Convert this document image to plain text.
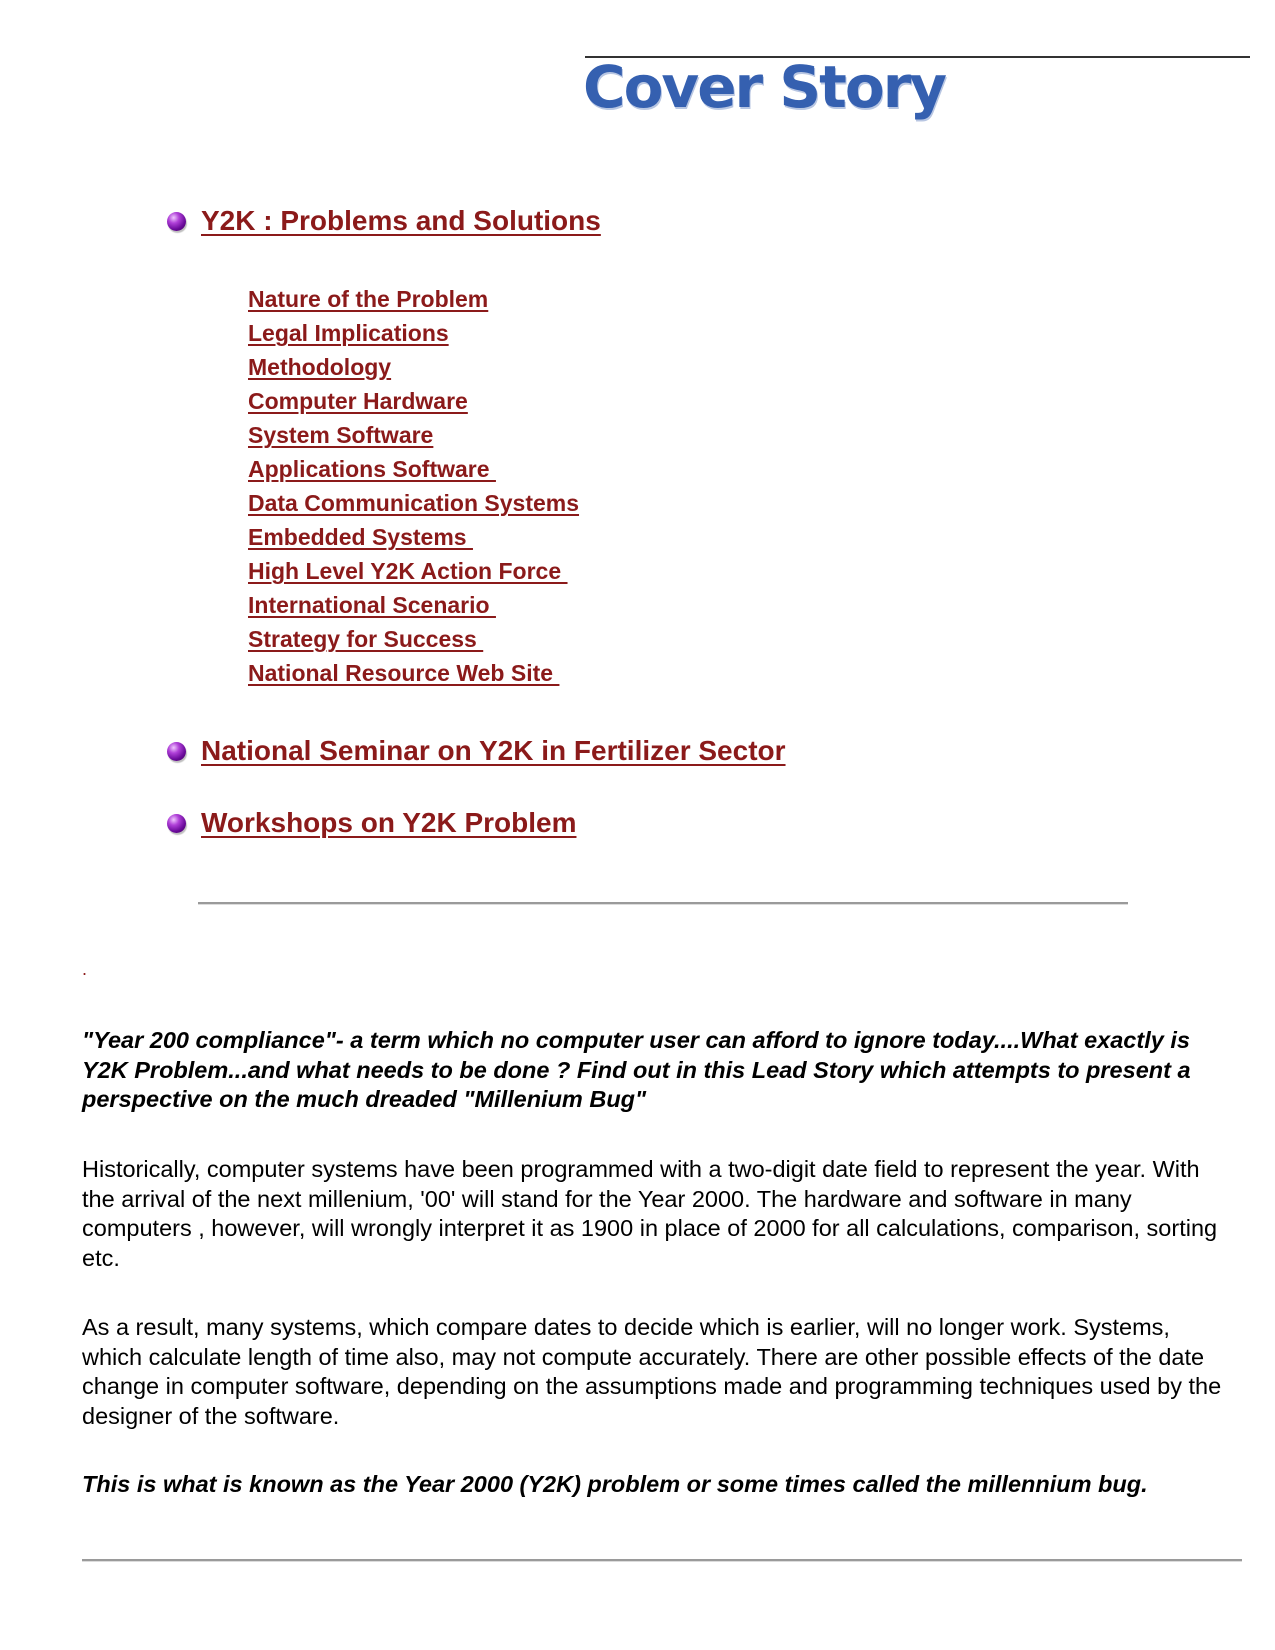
Cover Story
Y2K : Problems and Solutions
Nature of the Problem
Legal Implications
Methodology
Computer Hardware
System Software
Applications Software
Data Communication Systems
Embedded Systems
High Level Y2K Action Force
International Scenario
Strategy for Success
National Resource Web Site
National Seminar on Y2K in Fertilizer Sector
Workshops on Y2K Problem
.

"Year 200 compliance"- a term which no computer user can afford to ignore today....What exactly is Y2K Problem...and what needs to be done ? Find out in this Lead Story which attempts to present a perspective on the much dreaded "Millenium Bug"

Historically, computer systems have been programmed with a two-digit date field to represent the year. With the arrival of the next millenium, '00' will stand for the Year 2000. The hardware and software in many computers , however, will wrongly interpret it as 1900 in place of 2000 for all calculations, comparison, sorting etc.

As a result, many systems, which compare dates to decide which is earlier, will no longer work. Systems, which calculate length of time also, may not compute accurately. There are other possible effects of the date change in computer software, depending on the assumptions made and programming techniques used by the designer of the software.

This is what is known as the Year 2000 (Y2K) problem or some times called the millennium bug.
